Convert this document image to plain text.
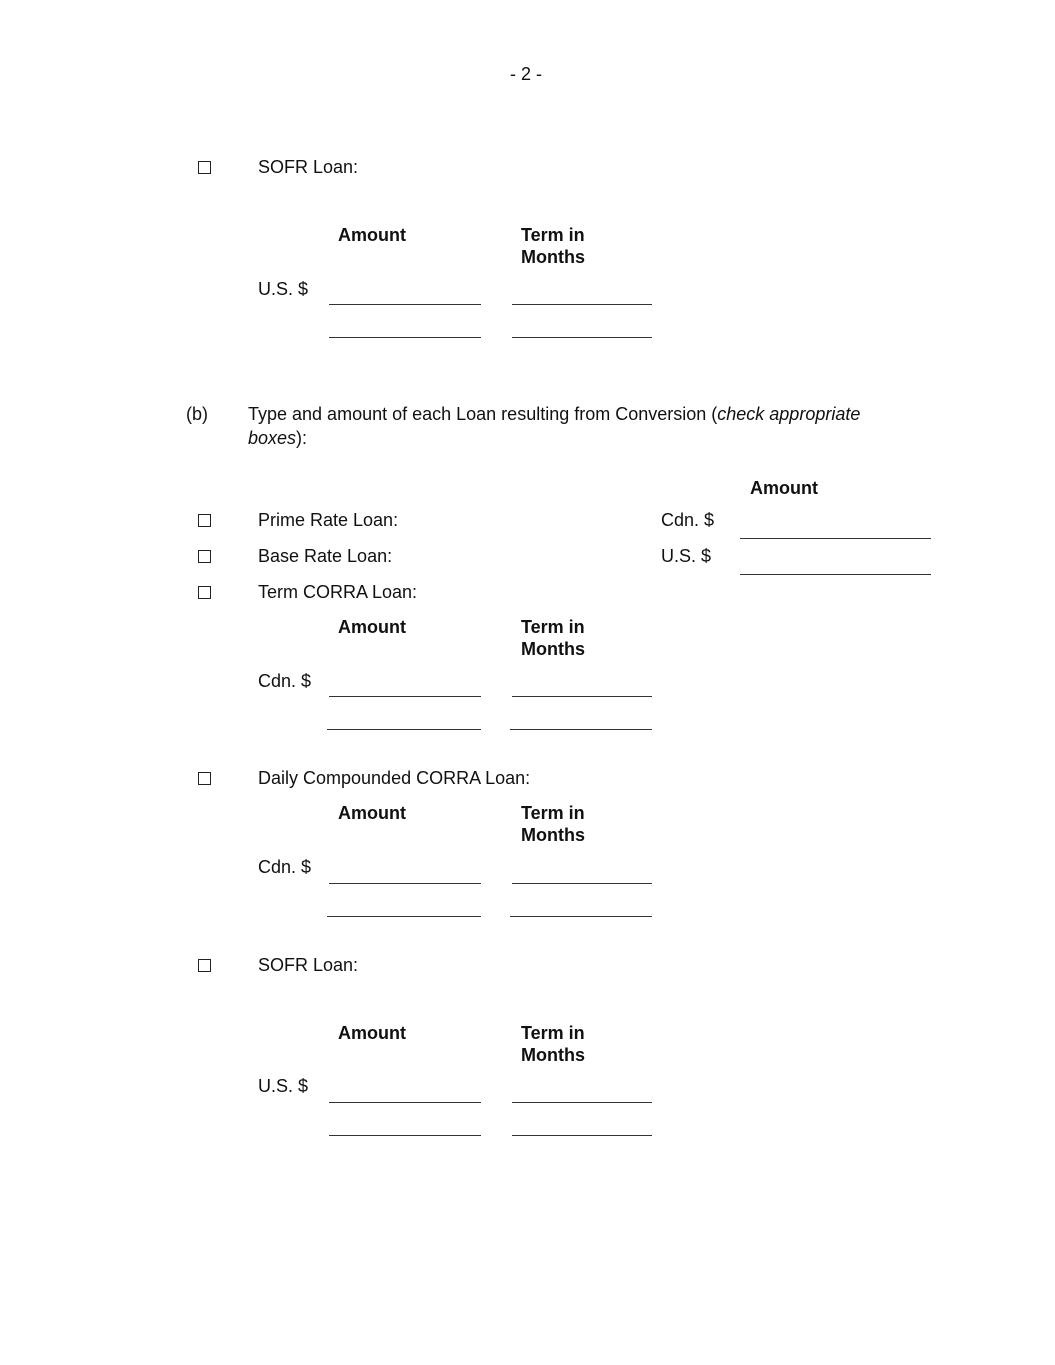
- 2 -
SOFR Loan:
Amount	Term in Months
U.S. $
(b) Type and amount of each Loan resulting from Conversion (check appropriate
boxes):
Amount
Prime Rate Loan:	Cdn. $
Base Rate Loan:	U.S. $
Term CORRA Loan:
Amount	Term in Months
Cdn. $
Daily Compounded CORRA Loan:
Amount	Term in Months
Cdn. $
SOFR Loan:
Amount	Term in Months
U.S. $
